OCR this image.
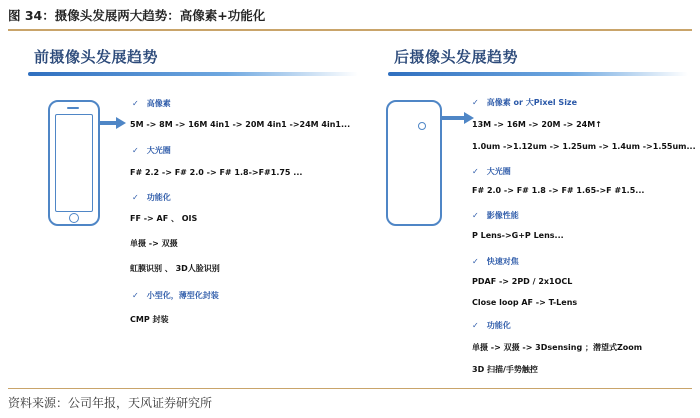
图 34：摄像头发展两大趋势：高像素+功能化
前摄像头发展趋势
✓ 高像素
5M -> 8M -> 16M 4in1 -> 20M 4in1 ->24M 4in1...
✓ 大光圈
F# 2.2 -> F# 2.0 -> F# 1.8->F#1.75 ...
✓ 功能化
FF -> AF 、 OIS
单摄 -> 双摄
虹膜识别 、 3D人脸识别
✓ 小型化，薄型化封装
CMP 封装
后摄像头发展趋势
✓ 高像素 or 大Pixel Size
13M -> 16M -> 20M -> 24M↑
1.0um ->1.12um -> 1.25um -> 1.4um ->1.55um...
✓ 大光圈
F# 2.0 -> F# 1.8 -> F# 1.65->F #1.5...
✓ 影像性能
P Lens->G+P Lens...
✓ 快速对焦
PDAF -> 2PD / 2x1OCL
Close loop AF -> T-Lens
✓ 功能化
单摄 -> 双摄 -> 3Dsensing ；潜望式Zoom
3D 扫描/手势触控
资料来源：公司年报，天风证券研究所
